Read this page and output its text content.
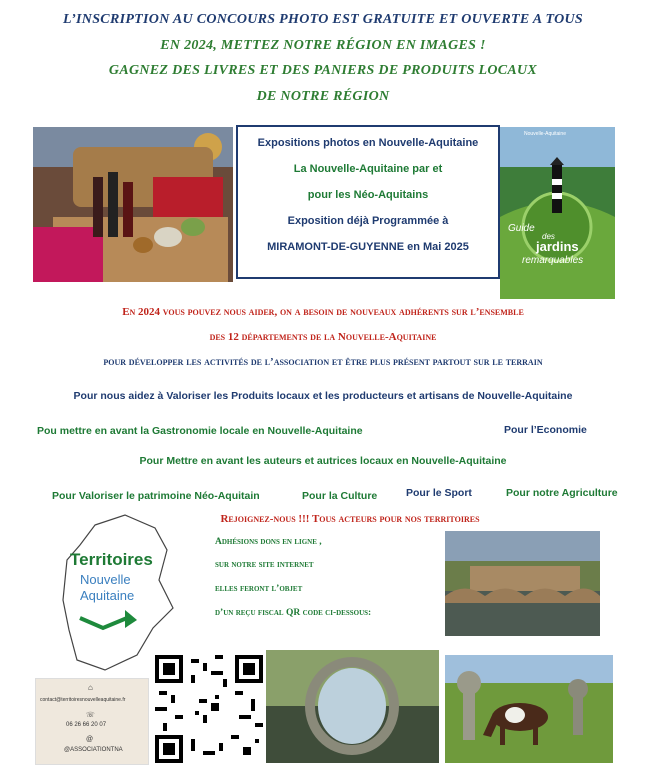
L’INSCRIPTION AU CONCOURS PHOTO EST GRATUITE ET OUVERTE A TOUS
EN 2024, METTEZ NOTRE RÉGION EN IMAGES !
GAGNEZ DES LIVRES ET DES PANIERS DE PRODUITS LOCAUX
DE NOTRE RÉGION
Expositions photos en Nouvelle-Aquitaine
La Nouvelle-Aquitaine par et
pour les Néo-Aquitains
Exposition déjà Programmée à
MIRAMONT-DE-GUYENNE en Mai 2025
Nouvelle-Aquitaine
Guide
des
jardins
remarquables
En 2024 vous pouvez nous aider, on a besoin de nouveaux adhérents sur l’ensemble
des 12 départements de la Nouvelle-Aquitaine
pour développer les activités de l’association et être plus présent partout sur le terrain
Pour nous aidez à Valoriser les Produits locaux et les producteurs et artisans de Nouvelle-Aquitaine
Pou mettre en avant la Gastronomie locale en Nouvelle-Aquitaine	Pour l’Economie
Pour Mettre en avant les auteurs et autrices locaux en Nouvelle-Aquitaine
Pour Valoriser le patrimoine Néo-Aquitain	Pour la Culture	Pour le Sport	Pour notre Agriculture
Rejoignez-nous !!! Tous acteurs pour nos territoires
Adhésions dons en ligne ,
sur notre site internet
elles feront l’objet
d’un reçu fiscal QR code ci-dessous:
Territoires
Nouvelle
Aquitaine
⌂
contact@territoiresnouvelleaquitaine.fr
☏
06 26 66 20 07
@
@ASSOCIATIONTNA
